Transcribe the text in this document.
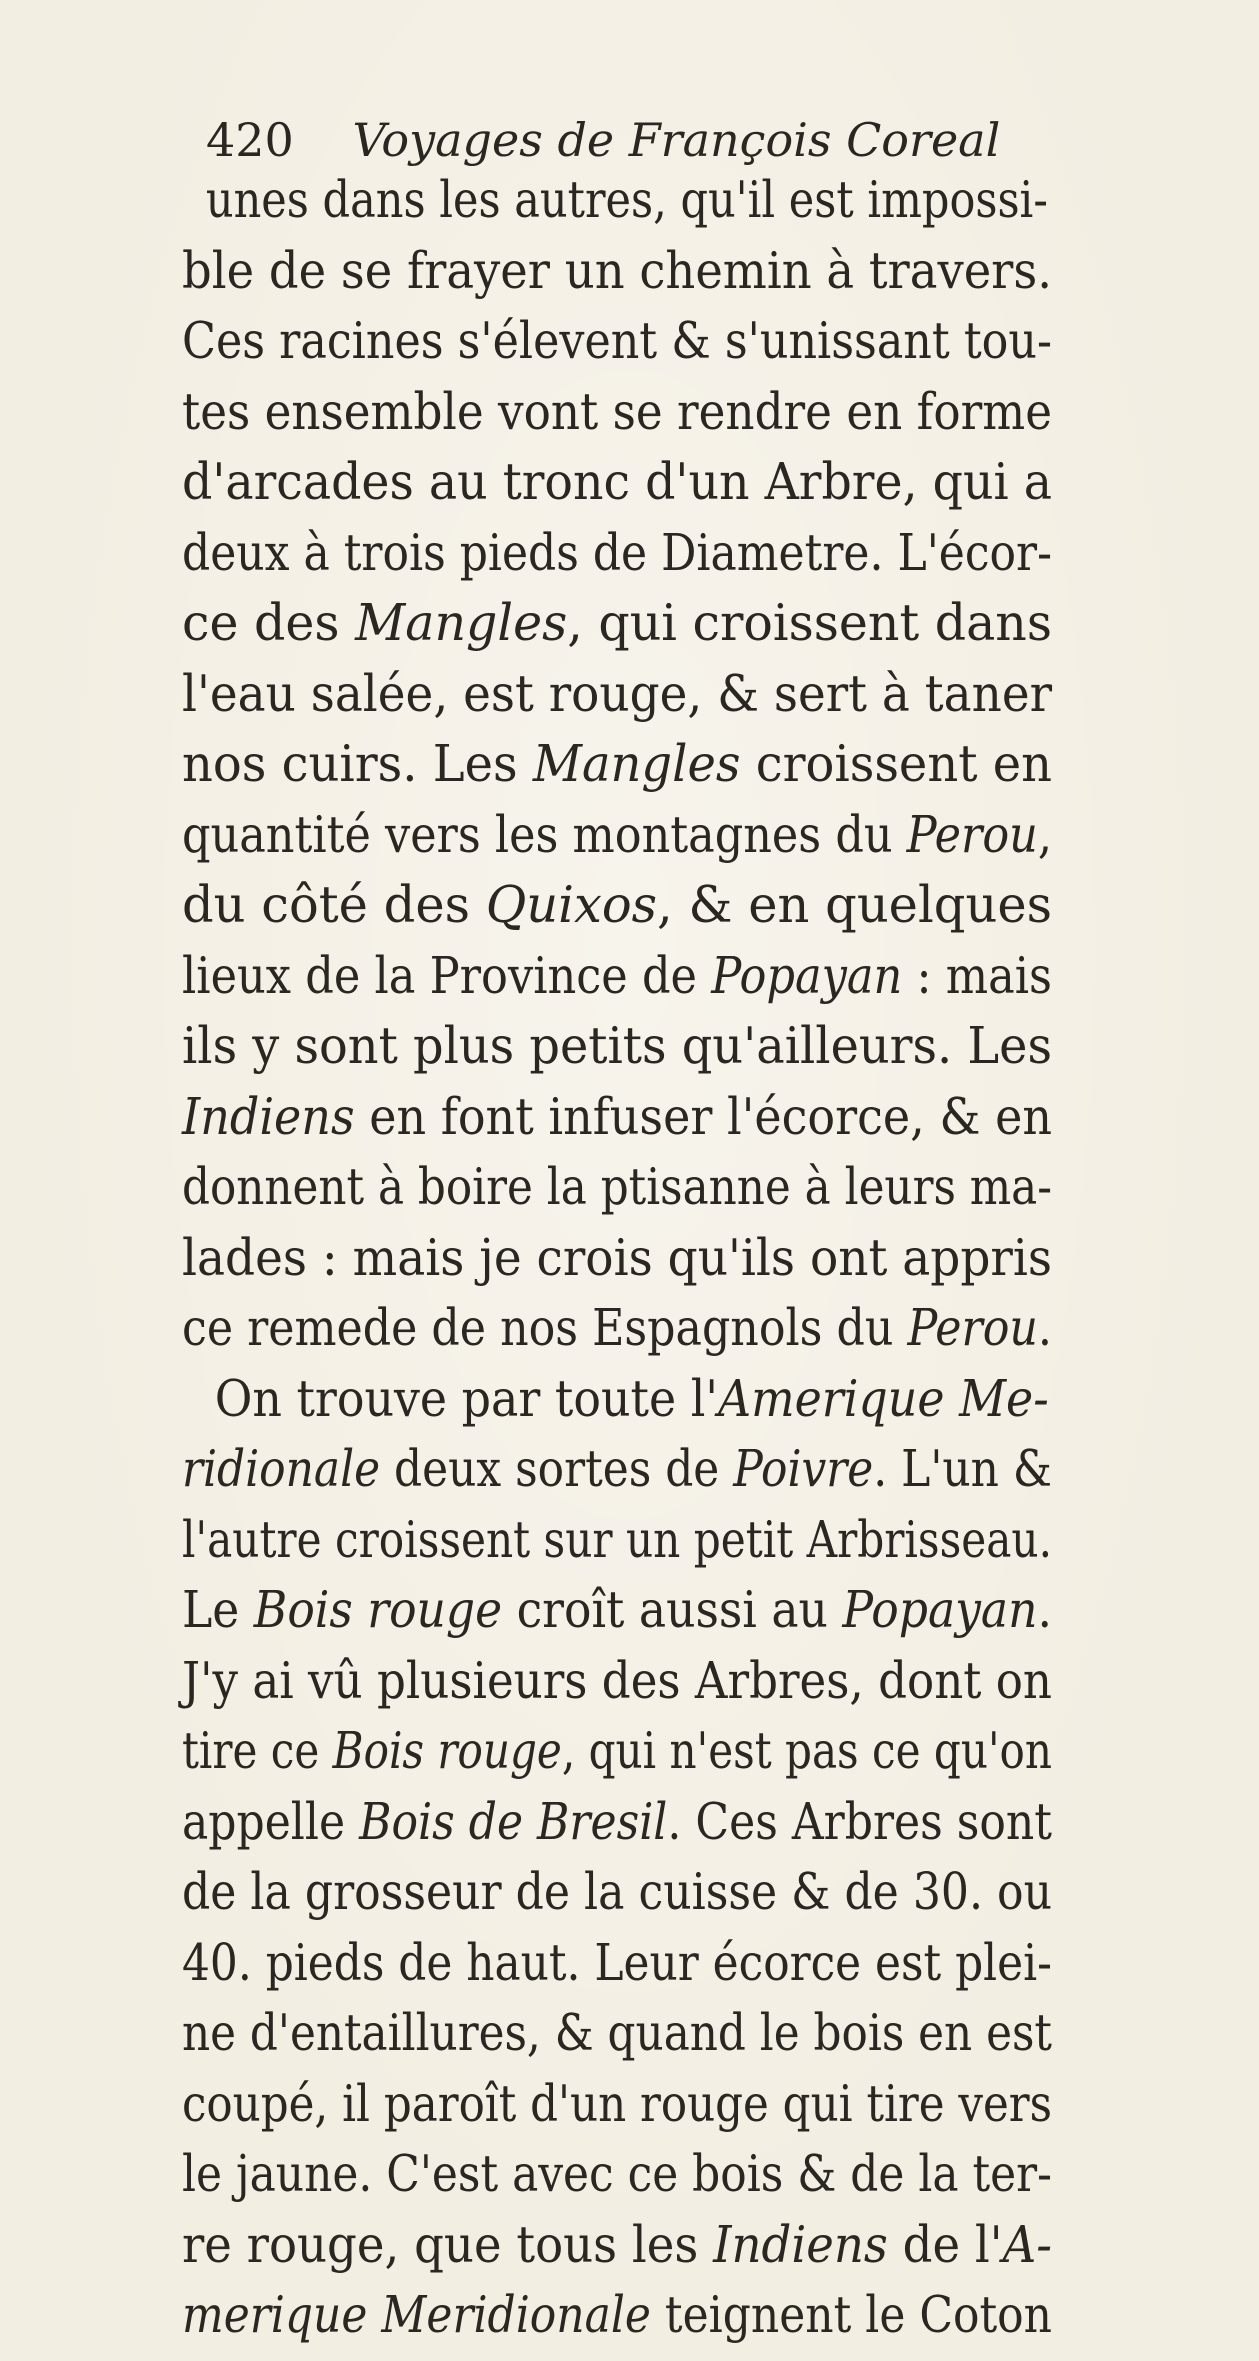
420 Voyages de François Coreal
unes dans les autres, qu'il est impossi-
ble de se frayer un chemin à travers.
Ces racines s'élevent & s'unissant tou-
tes ensemble vont se rendre en forme
d'arcades au tronc d'un Arbre, qui a
deux à trois pieds de Diametre. L'écor-
ce des Mangles, qui croissent dans
l'eau salée, est rouge, & sert à taner
nos cuirs. Les Mangles croissent en
quantité vers les montagnes du Perou,
du côté des Quixos, & en quelques
lieux de la Province de Popayan : mais
ils y sont plus petits qu'ailleurs. Les
Indiens en font infuser l'écorce, & en
donnent à boire la ptisanne à leurs ma-
lades : mais je crois qu'ils ont appris
ce remede de nos Espagnols du Perou.
On trouve par toute l'Amerique Me-
ridionale deux sortes de Poivre. L'un &
l'autre croissent sur un petit Arbrisseau.
Le Bois rouge croît aussi au Popayan.
J'y ai vû plusieurs des Arbres, dont on
tire ce Bois rouge, qui n'est pas ce qu'on
appelle Bois de Bresil. Ces Arbres sont
de la grosseur de la cuisse & de 30. ou
40. pieds de haut. Leur écorce est plei-
ne d'entaillures, & quand le bois en est
coupé, il paroît d'un rouge qui tire vers
le jaune. C'est avec ce bois & de la ter-
re rouge, que tous les Indiens de l'A-
merique Meridionale teignent le Coton
